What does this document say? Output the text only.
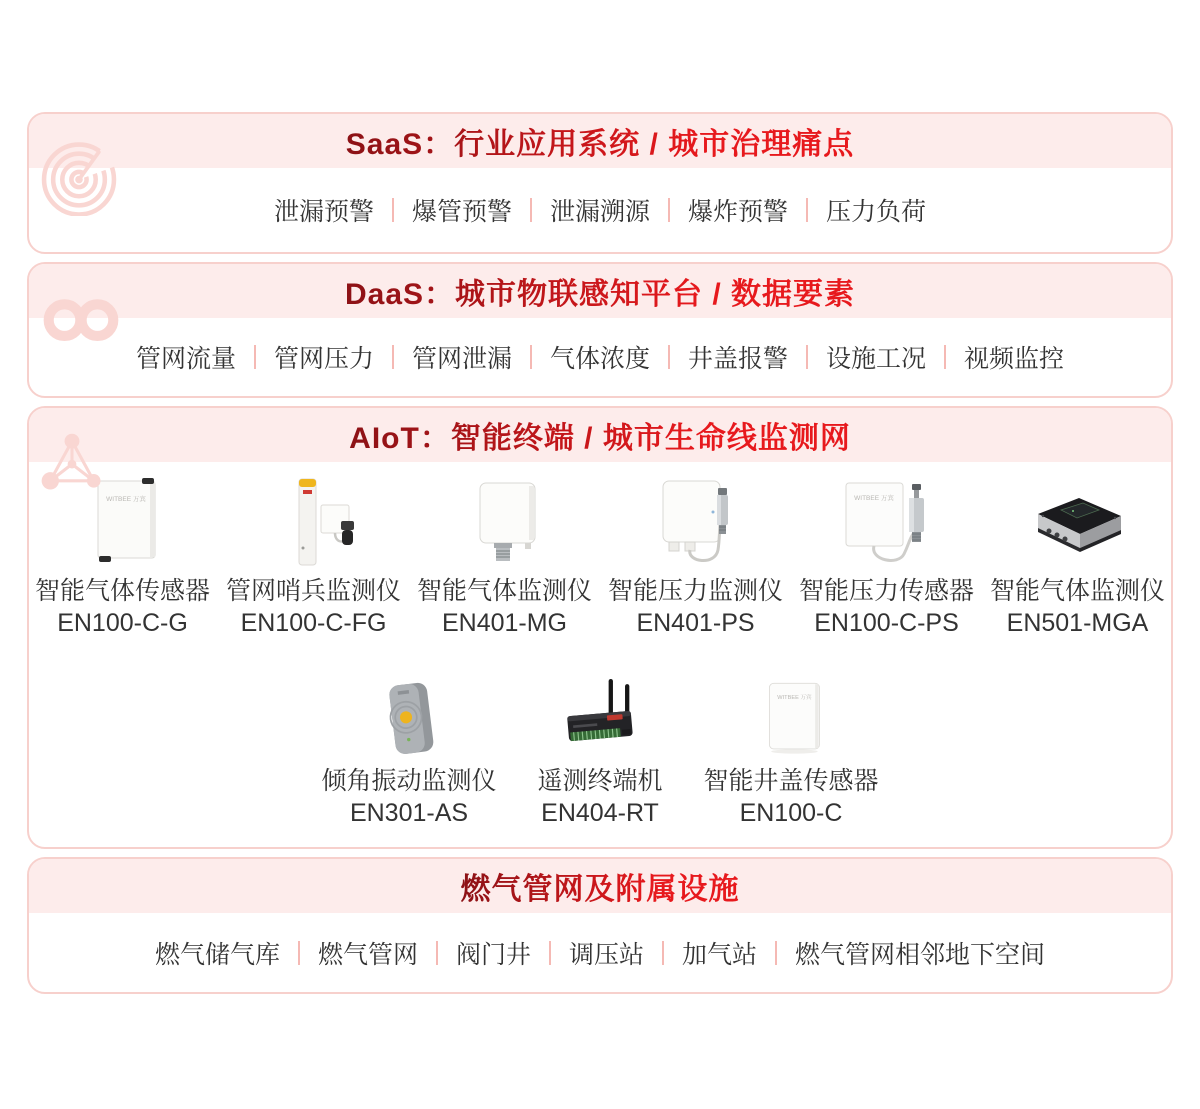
SaaS：行业应用系统 / 城市治理痛点
泄漏预警 爆管预警 泄漏溯源 爆炸预警 压力负荷
DaaS：城市物联感知平台 / 数据要素
管网流量 管网压力 管网泄漏 气体浓度 井盖报警 设施工况 视频监控
AIoT：智能终端 / 城市生命线监测网
WITBEE 万宾
智能气体传感器
EN100-C-G
管网哨兵监测仪
EN100-C-FG
智能气体监测仪
EN401-MG
智能压力监测仪
EN401-PS
WITBEE 万宾
智能压力传感器
EN100-C-PS
智能气体监测仪
EN501-MGA
倾角振动监测仪
EN301-AS
遥测终端机
EN404-RT
WITBEE 万宾
智能井盖传感器
EN100-C
燃气管网及附属设施
燃气储气库 燃气管网 阀门井 调压站 加气站 燃气管网相邻地下空间
